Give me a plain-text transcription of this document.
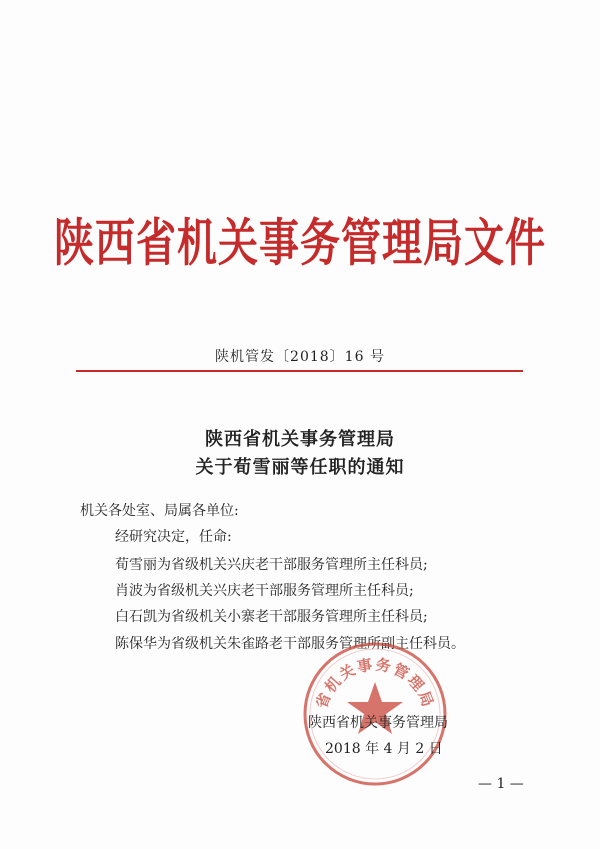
陕西省机关事务管理局文件
陕机管发〔2018〕16 号
陕西省机关事务管理局
关于荀雪丽等任职的通知
机关各处室、局属各单位:
经研究决定，任命:
荀雪丽为省级机关兴庆老干部服务管理所主任科员;
肖波为省级机关兴庆老干部服务管理所主任科员;
白石凯为省级机关小寨老干部服务管理所主任科员;
陈保华为省级机关朱雀路老干部服务管理所副主任科员。
省机关事务管理局
陕西省机关事务管理局
2018 年 4 月 2 日
— 1 —
